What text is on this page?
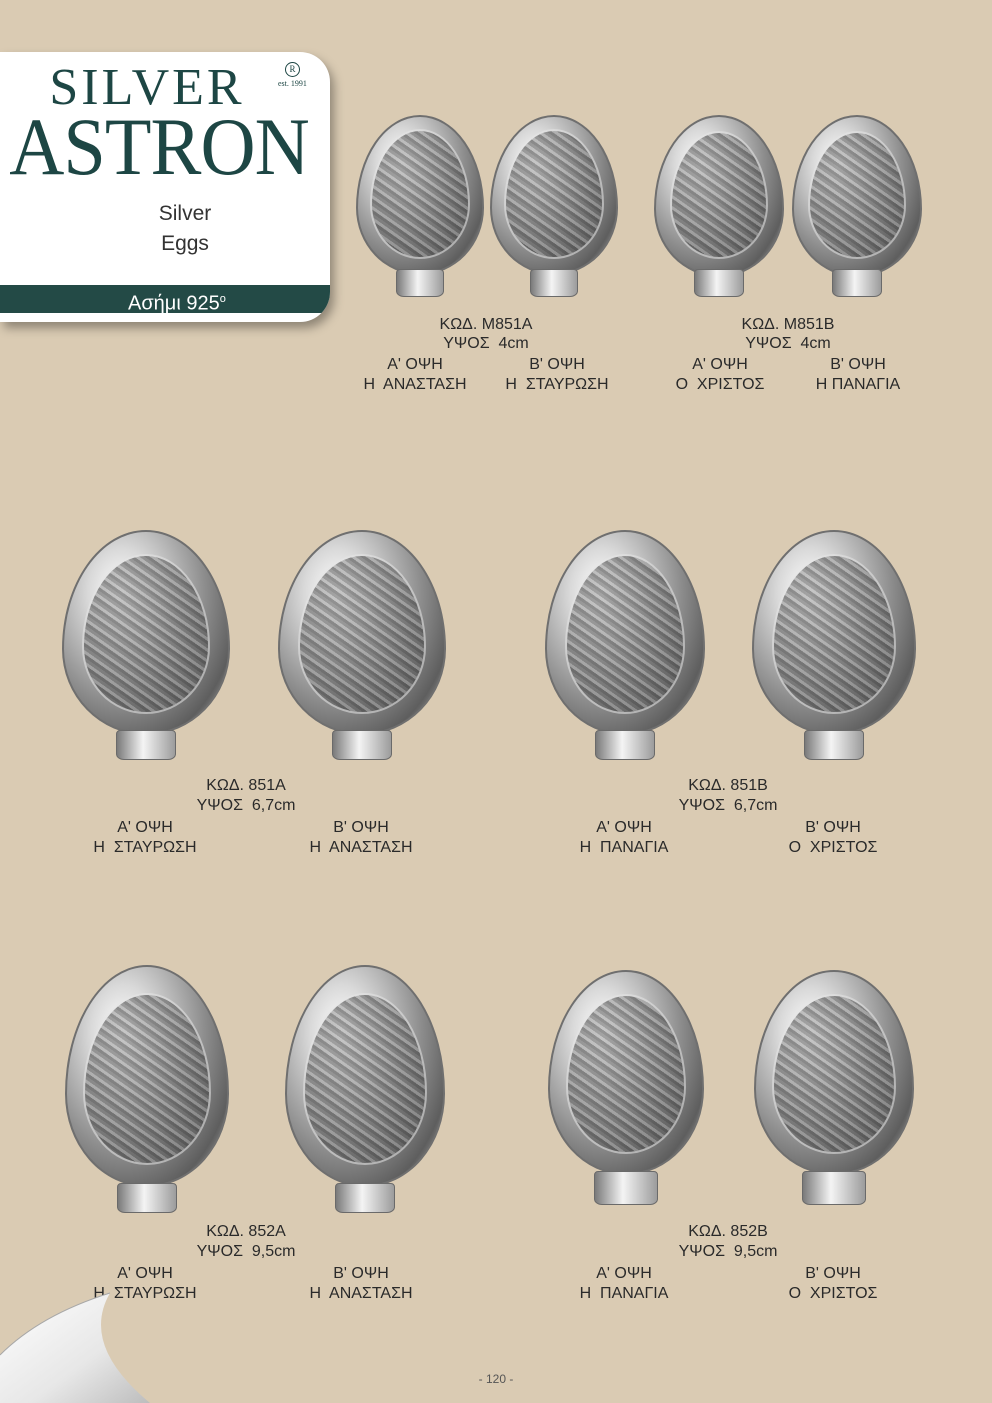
R
est. 1991
SILVER
ASTRON
Silver
Eggs
Ασήμι 925$^o$
ΚΩΔ. M851A
ΥΨΟΣ  4cm
Α' ΟΨΗ
Η  ΑΝΑΣΤΑΣΗ
Β' ΟΨΗ
Η  ΣΤΑΥΡΩΣΗ
ΚΩΔ. M851B
ΥΨΟΣ  4cm
Α' ΟΨΗ
Ο  ΧΡΙΣΤΟΣ
Β' ΟΨΗ
Η ΠΑΝΑΓΙΑ
ΚΩΔ. 851A
ΥΨΟΣ  6,7cm
Α' ΟΨΗ
Η  ΣΤΑΥΡΩΣΗ
Β' ΟΨΗ
Η  ΑΝΑΣΤΑΣΗ
ΚΩΔ. 851B
ΥΨΟΣ  6,7cm
Α' ΟΨΗ
Η  ΠΑΝΑΓΙΑ
Β' ΟΨΗ
Ο  ΧΡΙΣΤΟΣ
ΚΩΔ. 852A
ΥΨΟΣ  9,5cm
Α' ΟΨΗ
Η  ΣΤΑΥΡΩΣΗ
Β' ΟΨΗ
Η  ΑΝΑΣΤΑΣΗ
ΚΩΔ. 852B
ΥΨΟΣ  9,5cm
Α' ΟΨΗ
Η  ΠΑΝΑΓΙΑ
Β' ΟΨΗ
Ο  ΧΡΙΣΤΟΣ
- 120 -
